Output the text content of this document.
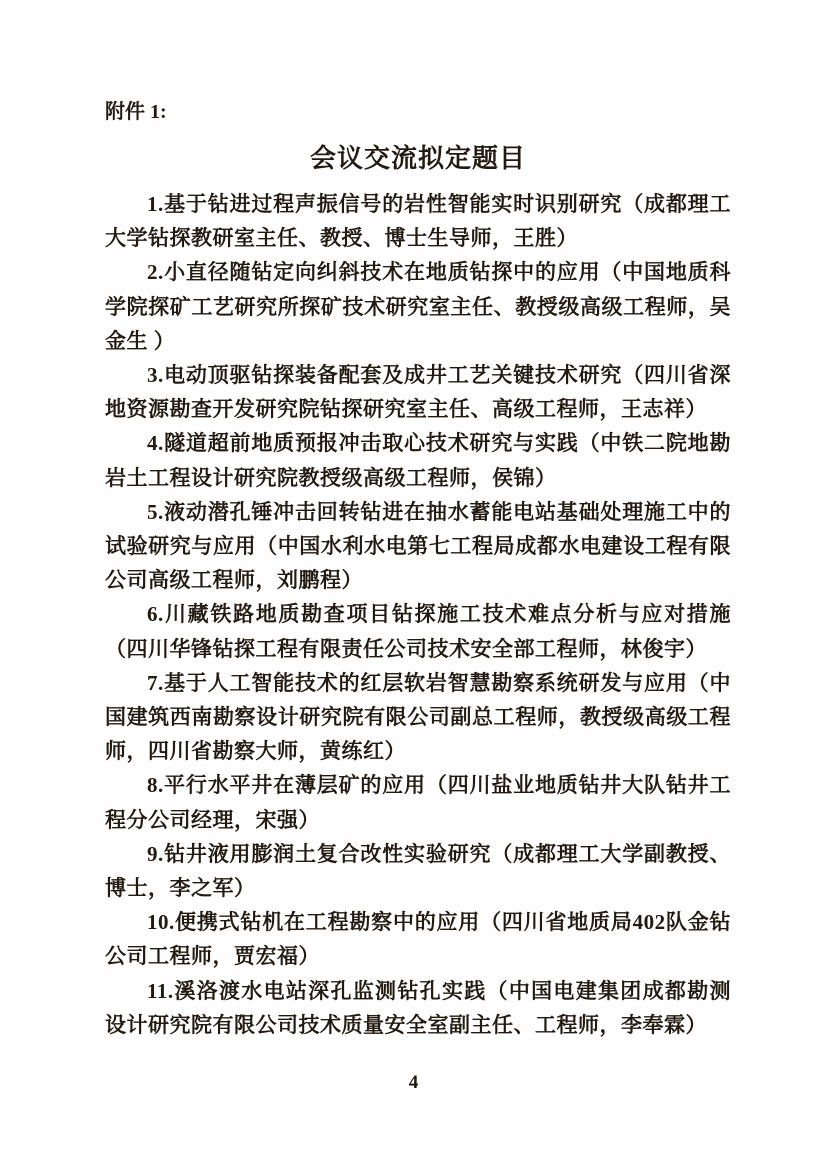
附件 1:

会议交流拟定题目

1.基于钻进过程声振信号的岩性智能实时识别研究（成都理工大学钻探教研室主任、教授、博士生导师，王胜）

2.小直径随钻定向纠斜技术在地质钻探中的应用（中国地质科学院探矿工艺研究所探矿技术研究室主任、教授级高级工程师，吴金生 ）

3.电动顶驱钻探装备配套及成井工艺关键技术研究（四川省深地资源勘查开发研究院钻探研究室主任、高级工程师，王志祥）

4.隧道超前地质预报冲击取心技术研究与实践（中铁二院地勘岩土工程设计研究院教授级高级工程师，侯锦）

5.液动潜孔锤冲击回转钻进在抽水蓄能电站基础处理施工中的试验研究与应用（中国水利水电第七工程局成都水电建设工程有限公司高级工程师，刘鹏程）

6.川藏铁路地质勘查项目钻探施工技术难点分析与应对措施（四川华锋钻探工程有限责任公司技术安全部工程师，林俊宇）

7.基于人工智能技术的红层软岩智慧勘察系统研发与应用（中国建筑西南勘察设计研究院有限公司副总工程师，教授级高级工程师，四川省勘察大师，黄练红）

8.平行水平井在薄层矿的应用（四川盐业地质钻井大队钻井工程分公司经理，宋强）

9.钻井液用膨润土复合改性实验研究（成都理工大学副教授、博士，李之军）

10.便携式钻机在工程勘察中的应用（四川省地质局402队金钻公司工程师，贾宏福）

11.溪洛渡水电站深孔监测钻孔实践（中国电建集团成都勘测设计研究院有限公司技术质量安全室副主任、工程师，李奉霖）

4
